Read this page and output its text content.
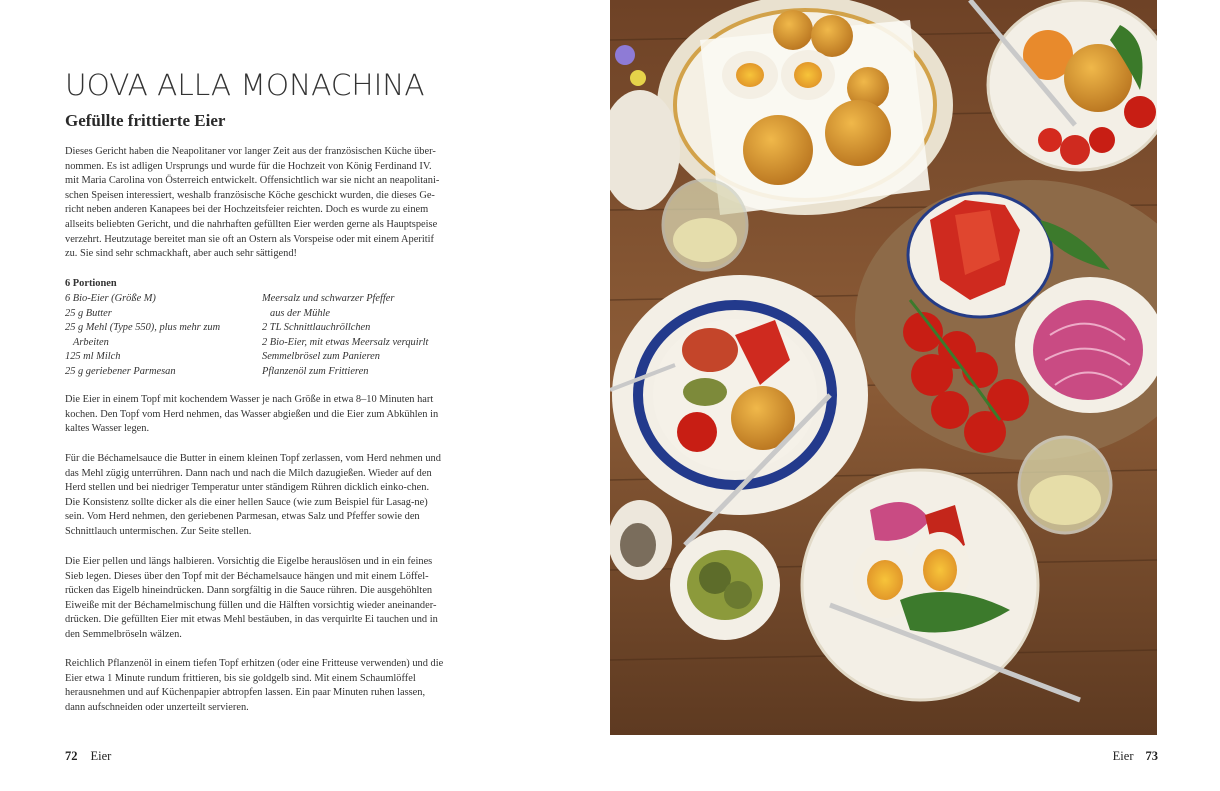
UOVA ALLA MONACHINA
Gefüllte frittierte Eier

Dieses Gericht haben die Neapolitaner vor langer Zeit aus der französischen Küche über-nommen. Es ist adligen Ursprungs und wurde für die Hochzeit von König Ferdinand IV. mit Maria Carolina von Österreich entwickelt. Offensichtlich war sie nicht an neapolitani-schen Speisen interessiert, weshalb französische Köche geschickt wurden, die dieses Ge-richt neben anderen Kanapees bei der Hochzeitsfeier reichten. Doch es wurde zu einem allseits beliebten Gericht, und die nahrhaften gefüllten Eier werden gerne als Hauptspeise verzehrt. Heutzutage bereitet man sie oft an Ostern als Vorspeise oder mit einem Aperitif zu. Sie sind sehr schmackhaft, aber auch sehr sättigend!

6 Portionen
6 Bio-Eier (Größe M)
25 g Butter
25 g Mehl (Type 550), plus mehr zum
Arbeiten
125 ml Milch
25 g geriebener Parmesan
Meersalz und schwarzer Pfeffer
aus der Mühle
2 TL Schnittlauchröllchen
2 Bio-Eier, mit etwas Meersalz verquirlt
Semmelbrösel zum Panieren
Pflanzenöl zum Frittieren

Die Eier in einem Topf mit kochendem Wasser je nach Größe in etwa 8–10 Minuten hart kochen. Den Topf vom Herd nehmen, das Wasser abgießen und die Eier zum Abkühlen in kaltes Wasser legen.

Für die Béchamelsauce die Butter in einem kleinen Topf zerlassen, vom Herd nehmen und das Mehl zügig unterrühren. Dann nach und nach die Milch dazugießen. Wieder auf den Herd stellen und bei niedriger Temperatur unter ständigem Rühren dicklich einko-chen. Die Konsistenz sollte dicker als die einer hellen Sauce (wie zum Beispiel für Lasag-ne) sein. Vom Herd nehmen, den geriebenen Parmesan, etwas Salz und Pfeffer sowie den Schnittlauch untermischen. Zur Seite stellen.

Die Eier pellen und längs halbieren. Vorsichtig die Eigelbe herauslösen und in ein feines Sieb legen. Dieses über den Topf mit der Béchamelsauce hängen und mit einem Löffel-rücken das Eigelb hineindrücken. Dann sorgfältig in die Sauce rühren. Die ausgehöhlten Eiweiße mit der Béchamelmischung füllen und die Hälften vorsichtig wieder aneinander-drücken. Die gefüllten Eier mit etwas Mehl bestäuben, in das verquirlte Ei tauchen und in den Semmelbröseln wälzen.

Reichlich Pflanzenöl in einem tiefen Topf erhitzen (oder eine Fritteuse verwenden) und die Eier etwa 1 Minute rundum frittieren, bis sie goldgelb sind. Mit einem Schaumlöffel herausnehmen und auf Küchenpapier abtropfen lassen. Ein paar Minuten ruhen lassen, dann aufschneiden oder unzerteilt servieren.

72 Eier	Eier 73
